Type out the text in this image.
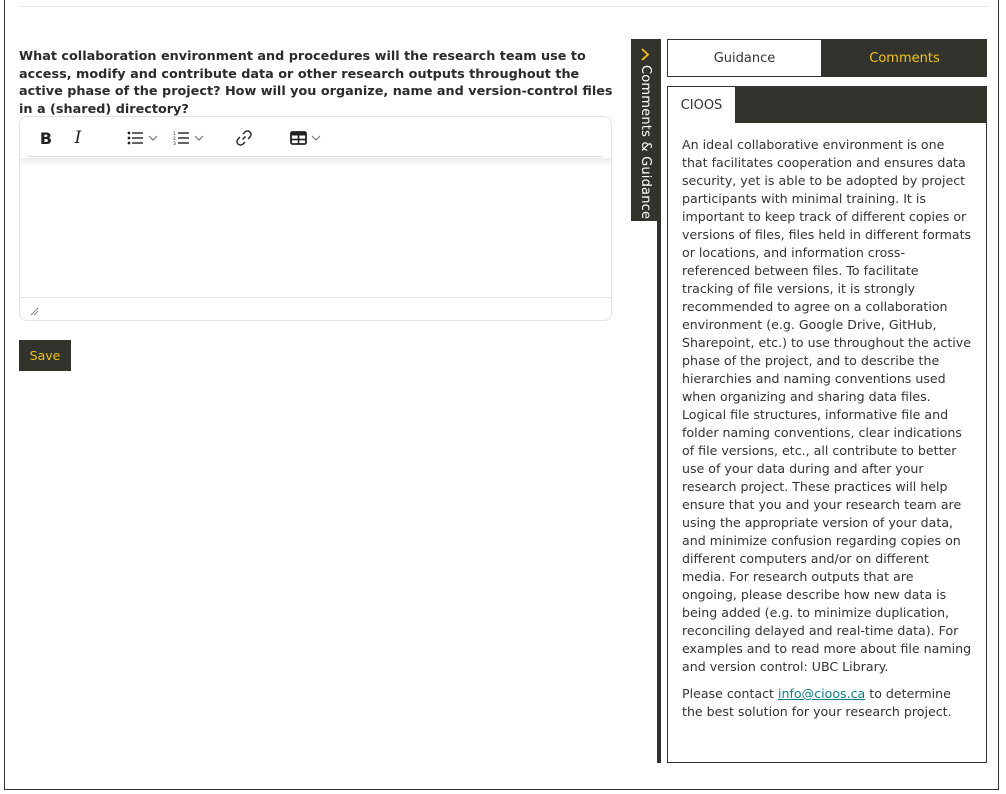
What collaboration environment and procedures will the research team use to access, modify and contribute data or other research outputs throughout the active phase of the project? How will you organize, name and version-control files in a (shared) directory?

B I	1
2
3
Save
Comments & Guidance
Guidance	Comments
CIOOS

An ideal collaborative environment is one that facilitates cooperation and ensures data security, yet is able to be adopted by project participants with minimal training. It is important to keep track of different copies or versions of files, files held in different formats or locations, and information cross-referenced between files. To facilitate tracking of file versions, it is strongly recommended to agree on a collaboration environment (e.g. Google Drive, GitHub, Sharepoint, etc.) to use throughout the active phase of the project, and to describe the hierarchies and naming conventions used when organizing and sharing data files. Logical file structures, informative file and folder naming conventions, clear indications of file versions, etc., all contribute to better use of your data during and after your research project. These practices will help ensure that you and your research team are using the appropriate version of your data, and minimize confusion regarding copies on different computers and/or on different media. For research outputs that are ongoing, please describe how new data is being added (e.g. to minimize duplication, reconciling delayed and real-time data). For examples and to read more about file naming and version control: UBC Library.

Please contact info@cioos.ca to determine the best solution for your research project.
